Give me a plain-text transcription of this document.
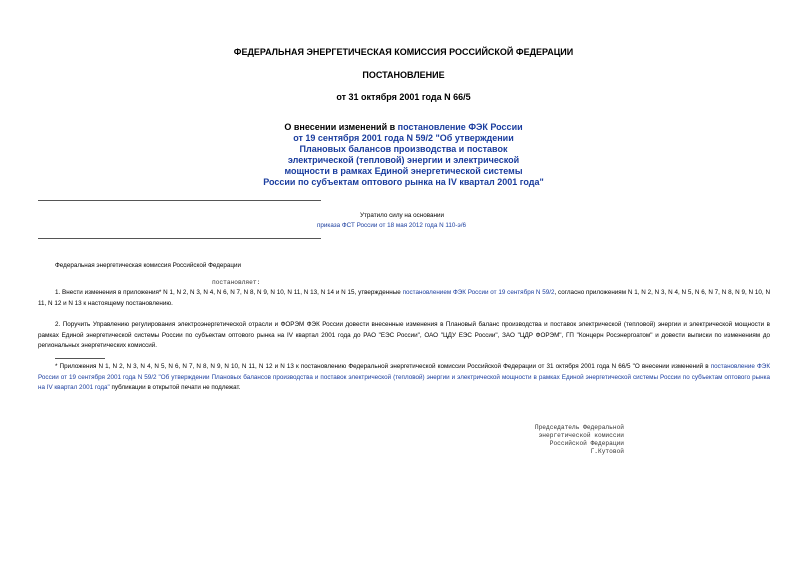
ФЕДЕРАЛЬНАЯ ЭНЕРГЕТИЧЕСКАЯ КОМИССИЯ РОССИЙСКОЙ ФЕДЕРАЦИИ
ПОСТАНОВЛЕНИЕ
от 31 октября 2001 года N 66/5
О внесении изменений в постановление ФЭК России
от 19 сентября 2001 года N 59/2 "Об утверждении
Плановых балансов производства и поставок
электрической (тепловой) энергии и электрической
мощности в рамках Единой энергетической системы
России по субъектам оптового рынка на IV квартал 2001 года"
Утратило силу на основании
приказа ФСТ России от 18 мая 2012 года N 110-э/6
Федеральная энергетическая комиссия Российской Федерации
постановляет:
1. Внести изменения в приложения* N 1, N 2, N 3, N 4, N 6, N 7, N 8, N 9, N 10, N 11, N 13, N 14 и N 15, утвержденные постановлением ФЭК России от 19 сентября N 59/2, согласно приложениям N 1, N 2, N 3, N 4, N 5, N 6, N 7, N 8, N 9, N 10, N 11, N 12 и N 13 к настоящему постановлению.
2. Поручить Управлению регулирования электроэнергетической отрасли и ФОРЭМ ФЭК России довести внесенные изменения в Плановый баланс производства и поставок электрической (тепловой) энергии и электрической мощности в рамках Единой энергетической системы России по субъектам оптового рынка на IV квартал 2001 года до РАО "ЕЭС России", ОАО "ЦДУ ЕЭС России", ЗАО "ЦДР ФОРЭМ", ГП "Концерн Росэнергоатом" и довести выписки по изменениям до региональных энергетических комиссий.
* Приложения N 1, N 2, N 3, N 4, N 5, N 6, N 7, N 8, N 9, N 10, N 11, N 12 и N 13 к постановлению Федеральной энергетической комиссии Российской Федерации от 31 октября 2001 года N 66/5 "О внесении изменений в постановление ФЭК России от 19 сентября 2001 года N 59/2 "Об утверждении Плановых балансов производства и поставок электрической (тепловой) энергии и электрической мощности в рамках Единой энергетической системы России по субъектам оптового рынка на IV квартал 2001 года" публикации в открытой печати не подлежат.
Председатель Федеральной
энергетической комиссии
Российской Федерации
Г.Кутовой
